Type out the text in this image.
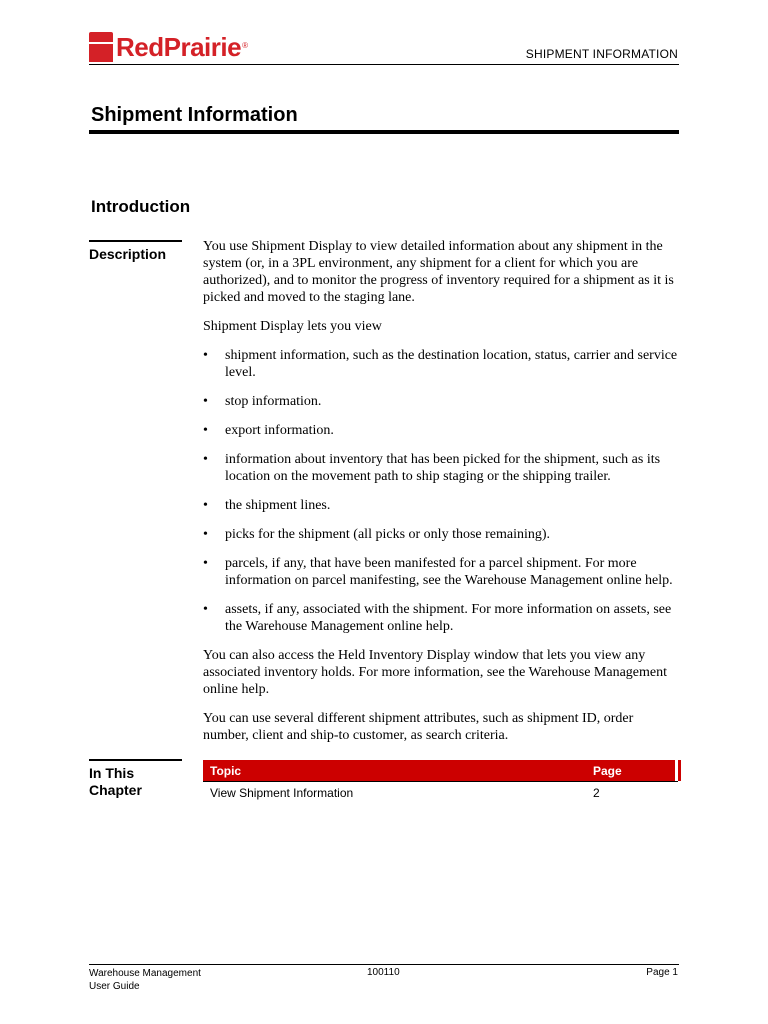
RedPrairie ®
SHIPMENT INFORMATION
Shipment Information
Introduction
Description	You use Shipment Display to view detailed information about any shipment in the system (or, in a 3PL environment, any shipment for a client for which you are authorized), and to monitor the progress of inventory required for a shipment as it is picked and moved to the staging lane.

Shipment Display lets you view

• shipment information, such as the destination location, status, carrier and service level.
• stop information.
• export information.
• information about inventory that has been picked for the shipment, such as its location on the movement path to ship staging or the shipping trailer.
• the shipment lines.
• picks for the shipment (all picks or only those remaining).
• parcels, if any, that have been manifested for a parcel shipment. For more information on parcel manifesting, see the Warehouse Management online help.
• assets, if any, associated with the shipment. For more information on assets, see the Warehouse Management online help.

You can also access the Held Inventory Display window that lets you view any associated inventory holds. For more information, see the Warehouse Management online help.

You can use several different shipment attributes, such as shipment ID, order number, client and ship-to customer, as search criteria.

In This
Chapter
Topic	Page
View Shipment Information	2
Warehouse Management
User Guide
100110	Page 1
